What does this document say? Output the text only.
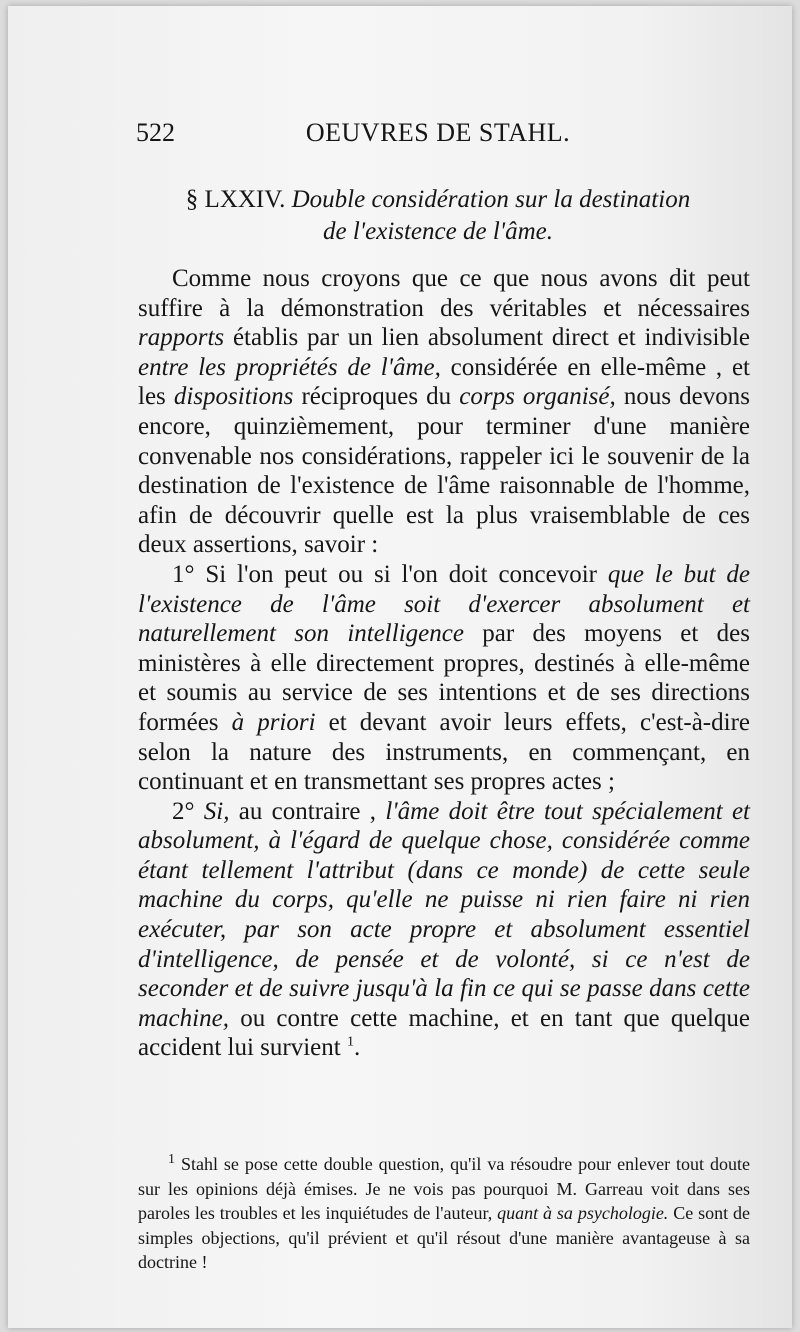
522	OEUVRES DE STAHL.
§ LXXIV. Double considération sur la destination
de l'existence de l'âme.

Comme nous croyons que ce que nous avons dit peut suffire à la démonstration des véritables et nécessaires rapports établis par un lien absolument direct et indivisible entre les propriétés de l'âme, considérée en elle-même , et les dispositions réciproques du corps organisé, nous devons encore, quinzièmement, pour terminer d'une manière convenable nos considérations, rappeler ici le souvenir de la destination de l'existence de l'âme raisonnable de l'homme, afin de découvrir quelle est la plus vraisemblable de ces deux assertions, savoir :

1° Si l'on peut ou si l'on doit concevoir que le but de l'existence de l'âme soit d'exercer absolument et naturellement son intelligence par des moyens et des ministères à elle directement propres, destinés à elle-même et soumis au service de ses intentions et de ses directions formées à priori et devant avoir leurs effets, c'est-à-dire selon la nature des instruments, en commençant, en continuant et en transmettant ses propres actes ;

2° Si, au contraire , l'âme doit être tout spécialement et absolument, à l'égard de quelque chose, considérée comme étant tellement l'attribut (dans ce monde) de cette seule machine du corps, qu'elle ne puisse ni rien faire ni rien exécuter, par son acte propre et absolument essentiel d'intelligence, de pensée et de volonté, si ce n'est de seconder et de suivre jusqu'à la fin ce qui se passe dans cette machine, ou contre cette machine, et en tant que quelque accident lui survient $^1$.

$^1$ Stahl se pose cette double question, qu'il va résoudre pour enlever tout doute sur les opinions déjà émises. Je ne vois pas pourquoi M. Garreau voit dans ses paroles les troubles et les inquiétudes de l'auteur, quant à sa psychologie. Ce sont de simples objections, qu'il prévient et qu'il résout d'une manière avantageuse à sa doctrine !
